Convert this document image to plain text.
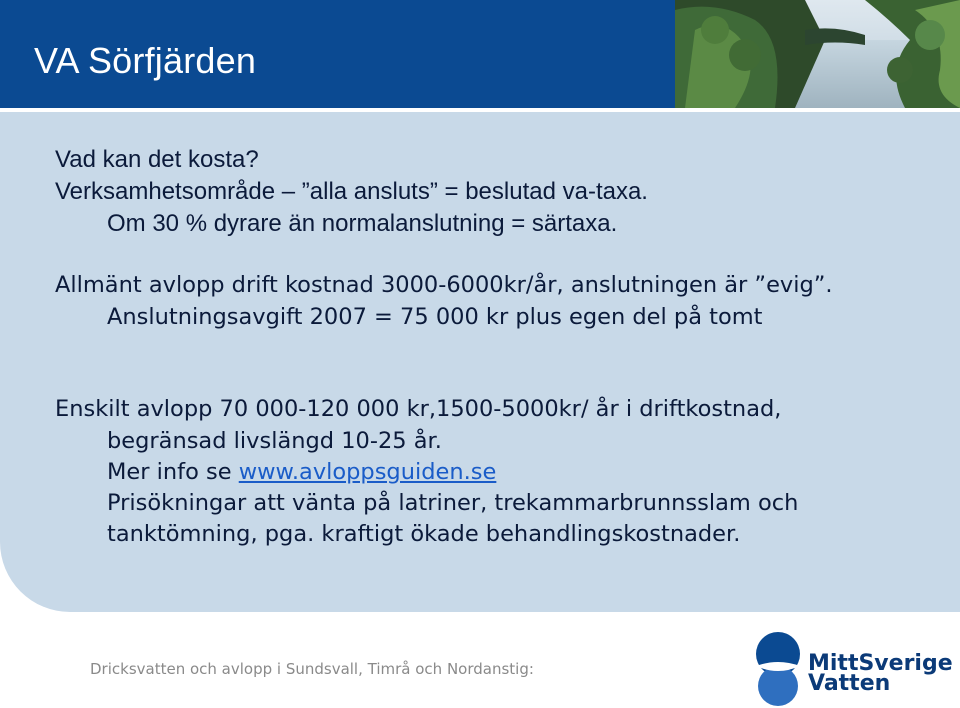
VA Sörfjärden
Vad kan det kosta?
Verksamhetsområde – ”alla ansluts” = beslutad va-taxa.
Om 30 % dyrare än normalanslutning = särtaxa.
Allmänt avlopp drift kostnad 3000-6000kr/år, anslutningen är ”evig”.
Anslutningsavgift 2007 = 75 000 kr plus egen del på tomt
Enskilt avlopp 70 000-120 000 kr,1500-5000kr/ år i driftkostnad,
begränsad livslängd 10-25 år.
Mer info se www.avloppsguiden.se
Prisökningar att vänta på latriner, trekammarbrunnsslam och
tanktömning, pga. kraftigt ökade behandlingskostnader.
Dricksvatten och avlopp i Sundsvall, Timrå och Nordanstig:	MittSverige
Vatten
